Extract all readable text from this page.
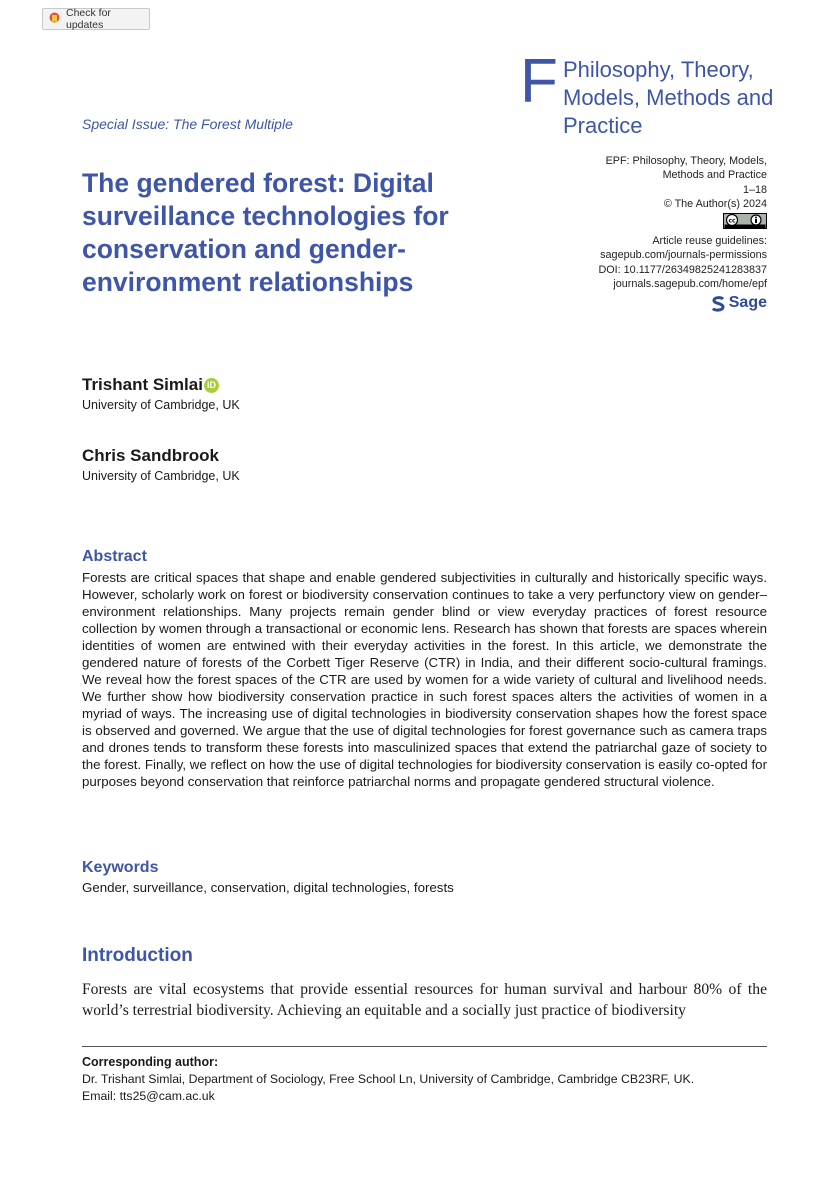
Check for updates
F Philosophy, Theory, Models, Methods and Practice
Special Issue: The Forest Multiple
The gendered forest: Digital surveillance technologies for conservation and gender-environment relationships
EPF: Philosophy, Theory, Models,
Methods and Practice
1–18
© The Author(s) 2024
cc
Article reuse guidelines:
sagepub.com/journals-permissions
DOI: 10.1177/26349825241283837
journals.sagepub.com/home/epf
Sage
Trishant Simlai iD
University of Cambridge, UK
Chris Sandbrook
University of Cambridge, UK
Abstract
Forests are critical spaces that shape and enable gendered subjectivities in culturally and historically specific ways. However, scholarly work on forest or biodiversity conservation continues to take a very perfunctory view on gender–environment relationships. Many projects remain gender blind or view everyday practices of forest resource collection by women through a transactional or economic lens. Research has shown that forests are spaces wherein identities of women are entwined with their everyday activities in the forest. In this article, we demonstrate the gendered nature of forests of the Corbett Tiger Reserve (CTR) in India, and their different socio-cultural framings. We reveal how the forest spaces of the CTR are used by women for a wide variety of cultural and livelihood needs. We further show how biodiversity conservation practice in such forest spaces alters the activities of women in a myriad of ways. The increasing use of digital technologies in biodiversity conservation shapes how the forest space is observed and governed. We argue that the use of digital technologies for forest governance such as camera traps and drones tends to transform these forests into masculinized spaces that extend the patriarchal gaze of society to the forest. Finally, we reflect on how the use of digital technologies for biodiversity conservation is easily co-opted for purposes beyond conservation that reinforce patriarchal norms and propagate gendered structural violence.
Keywords
Gender, surveillance, conservation, digital technologies, forests
Introduction
Forests are vital ecosystems that provide essential resources for human survival and harbour 80% of the world’s terrestrial biodiversity. Achieving an equitable and a socially just practice of biodiversity
Corresponding author:
Dr. Trishant Simlai, Department of Sociology, Free School Ln, University of Cambridge, Cambridge CB23RF, UK.
Email: tts25@cam.ac.uk
